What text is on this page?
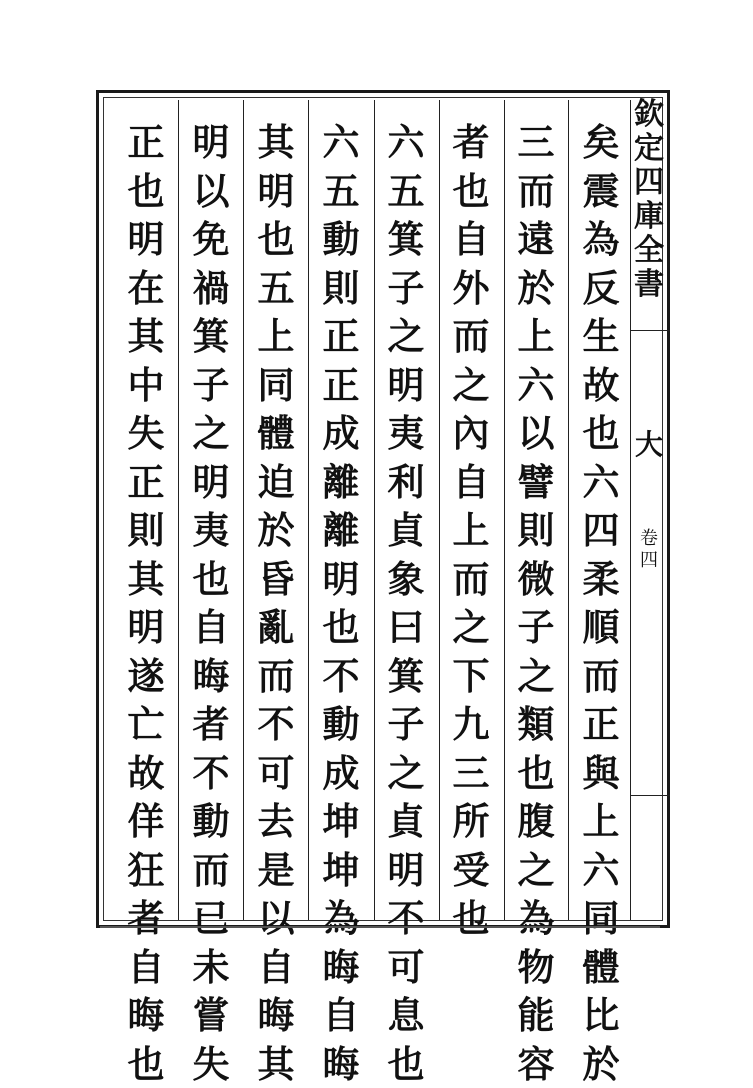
欽
定
四
庫
全
書
大
卷
四
矣
震
為
反
生
故
也
六
四
柔
順
而
正
與
上
六
同
體
比
於
三
而
遠
於
上
六
以
譬
則
微
子
之
類
也
腹
之
為
物
能
容
者
也
自
外
而
之
內
自
上
而
之
下
九
三
所
受
也
六
五
箕
子
之
明
夷
利
貞
象
曰
箕
子
之
貞
明
不
可
息
也
六
五
動
則
正
正
成
離
離
明
也
不
動
成
坤
坤
為
晦
自
晦
其
明
也
五
上
同
體
迫
於
昏
亂
而
不
可
去
是
以
自
晦
其
明
以
免
禍
箕
子
之
明
夷
也
自
晦
者
不
動
而
已
未
嘗
失
正
也
明
在
其
中
失
正
則
其
明
遂
亡
故
佯
狂
者
自
晦
也
